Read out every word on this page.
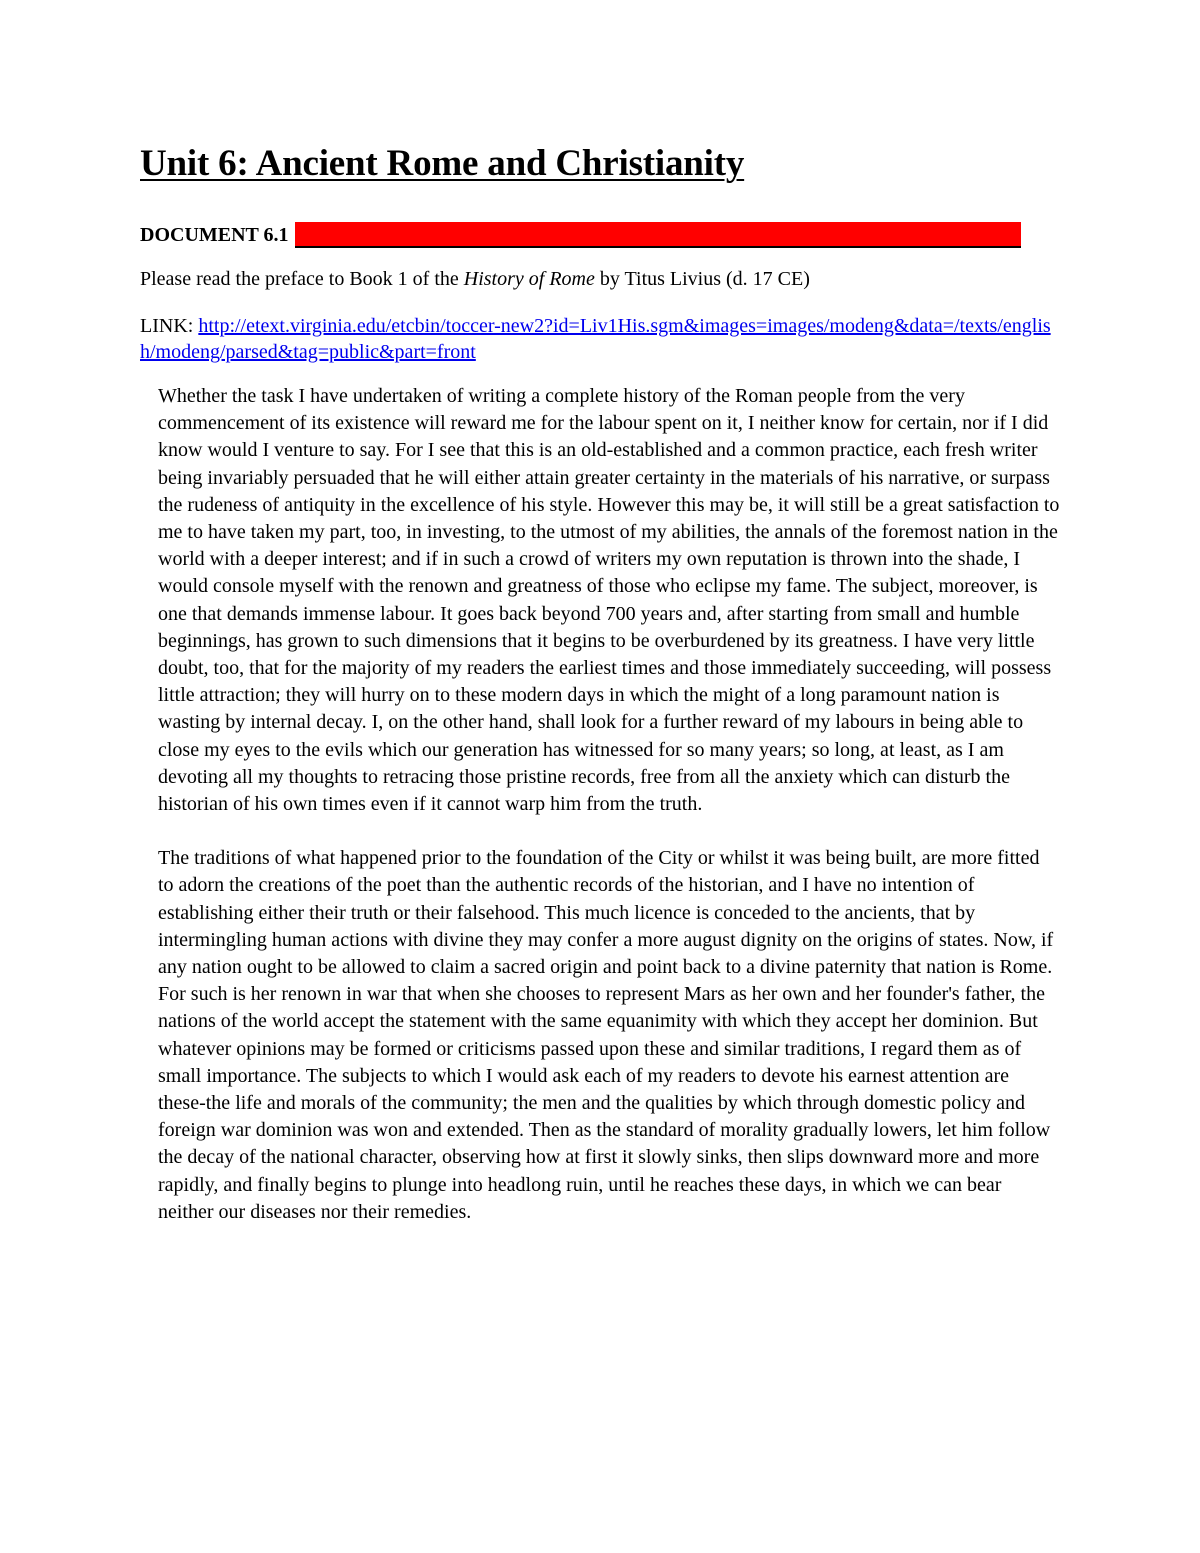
Unit 6: Ancient Rome and Christianity
DOCUMENT 6.1
Please read the preface to Book 1 of the History of Rome by Titus Livius (d. 17 CE)
LINK: http://etext.virginia.edu/etcbin/toccer-new2?id=Liv1His.sgm&images=images/modeng&data=/texts/english/modeng/parsed&tag=public&part=front

Whether the task I have undertaken of writing a complete history of the Roman people from the very commencement of its existence will reward me for the labour spent on it, I neither know for certain, nor if I did know would I venture to say. For I see that this is an old-established and a common practice, each fresh writer being invariably persuaded that he will either attain greater certainty in the materials of his narrative, or surpass the rudeness of antiquity in the excellence of his style. However this may be, it will still be a great satisfaction to me to have taken my part, too, in investing, to the utmost of my abilities, the annals of the foremost nation in the world with a deeper interest; and if in such a crowd of writers my own reputation is thrown into the shade, I would console myself with the renown and greatness of those who eclipse my fame. The subject, moreover, is one that demands immense labour. It goes back beyond 700 years and, after starting from small and humble beginnings, has grown to such dimensions that it begins to be overburdened by its greatness. I have very little doubt, too, that for the majority of my readers the earliest times and those immediately succeeding, will possess little attraction; they will hurry on to these modern days in which the might of a long paramount nation is wasting by internal decay. I, on the other hand, shall look for a further reward of my labours in being able to close my eyes to the evils which our generation has witnessed for so many years; so long, at least, as I am devoting all my thoughts to retracing those pristine records, free from all the anxiety which can disturb the historian of his own times even if it cannot warp him from the truth.

The traditions of what happened prior to the foundation of the City or whilst it was being built, are more fitted to adorn the creations of the poet than the authentic records of the historian, and I have no intention of establishing either their truth or their falsehood. This much licence is conceded to the ancients, that by intermingling human actions with divine they may confer a more august dignity on the origins of states. Now, if any nation ought to be allowed to claim a sacred origin and point back to a divine paternity that nation is Rome. For such is her renown in war that when she chooses to represent Mars as her own and her founder's father, the nations of the world accept the statement with the same equanimity with which they accept her dominion. But whatever opinions may be formed or criticisms passed upon these and similar traditions, I regard them as of small importance. The subjects to which I would ask each of my readers to devote his earnest attention are these-the life and morals of the community; the men and the qualities by which through domestic policy and foreign war dominion was won and extended. Then as the standard of morality gradually lowers, let him follow the decay of the national character, observing how at first it slowly sinks, then slips downward more and more rapidly, and finally begins to plunge into headlong ruin, until he reaches these days, in which we can bear neither our diseases nor their remedies.
